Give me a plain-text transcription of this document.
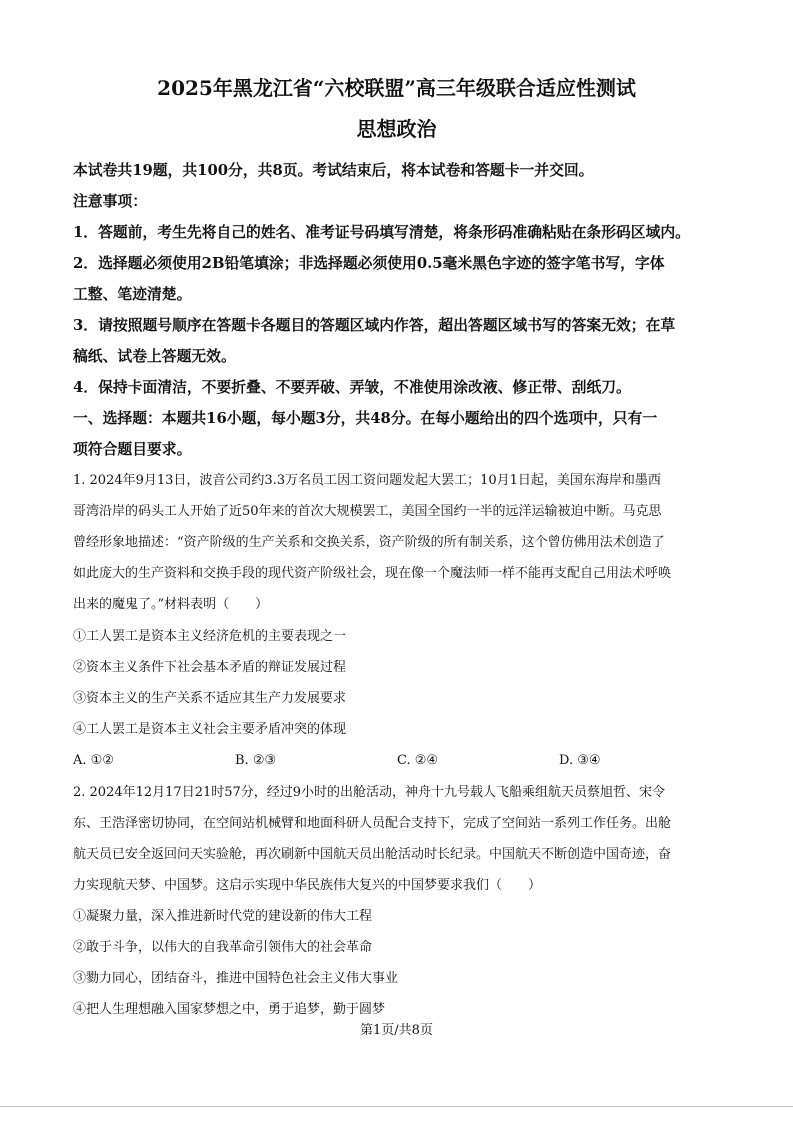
2025年黑龙江省“六校联盟”高三年级联合适应性测试
思想政治
本试卷共19题，共100分，共8页。考试结束后，将本试卷和答题卡一并交回。
注意事项：
1．答题前，考生先将自己的姓名、准考证号码填写清楚，将条形码准确粘贴在条形码区域内。
2．选择题必须使用2B铅笔填涂；非选择题必须使用0.5毫米黑色字迹的签字笔书写，字体
工整、笔迹清楚。
3．请按照题号顺序在答题卡各题目的答题区域内作答，超出答题区域书写的答案无效；在草
稿纸、试卷上答题无效。
4．保持卡面清洁，不要折叠、不要弄破、弄皱，不准使用涂改液、修正带、刮纸刀。
一、选择题：本题共16小题，每小题3分，共48分。在每小题给出的四个选项中，只有一
项符合题目要求。
1. 2024年9月13日，波音公司约3.3万名员工因工资问题发起大罢工；10月1日起，美国东海岸和墨西
哥湾沿岸的码头工人开始了近50年来的首次大规模罢工，美国全国约一半的远洋运输被迫中断。马克思
曾经形象地描述：“资产阶级的生产关系和交换关系，资产阶级的所有制关系，这个曾仿佛用法术创造了
如此庞大的生产资料和交换手段的现代资产阶级社会，现在像一个魔法师一样不能再支配自己用法术呼唤
出来的魔鬼了。”材料表明（　　）
①工人罢工是资本主义经济危机的主要表现之一
②资本主义条件下社会基本矛盾的辩证发展过程
③资本主义的生产关系不适应其生产力发展要求
④工人罢工是资本主义社会主要矛盾冲突的体现
A. ①②	B. ②③	C. ②④	D. ③④
2. 2024年12月17日21时57分，经过9小时的出舱活动，神舟十九号载人飞船乘组航天员蔡旭哲、宋令
东、王浩泽密切协同，在空间站机械臂和地面科研人员配合支持下，完成了空间站一系列工作任务。出舱
航天员已安全返回问天实验舱，再次刷新中国航天员出舱活动时长纪录。中国航天不断创造中国奇迹，奋
力实现航天梦、中国梦。这启示实现中华民族伟大复兴的中国梦要求我们（　　）
①凝聚力量，深入推进新时代党的建设新的伟大工程
②敢于斗争，以伟大的自我革命引领伟大的社会革命
③勠力同心，团结奋斗，推进中国特色社会主义伟大事业
④把人生理想融入国家梦想之中，勇于追梦，勤于圆梦
第1页/共8页
